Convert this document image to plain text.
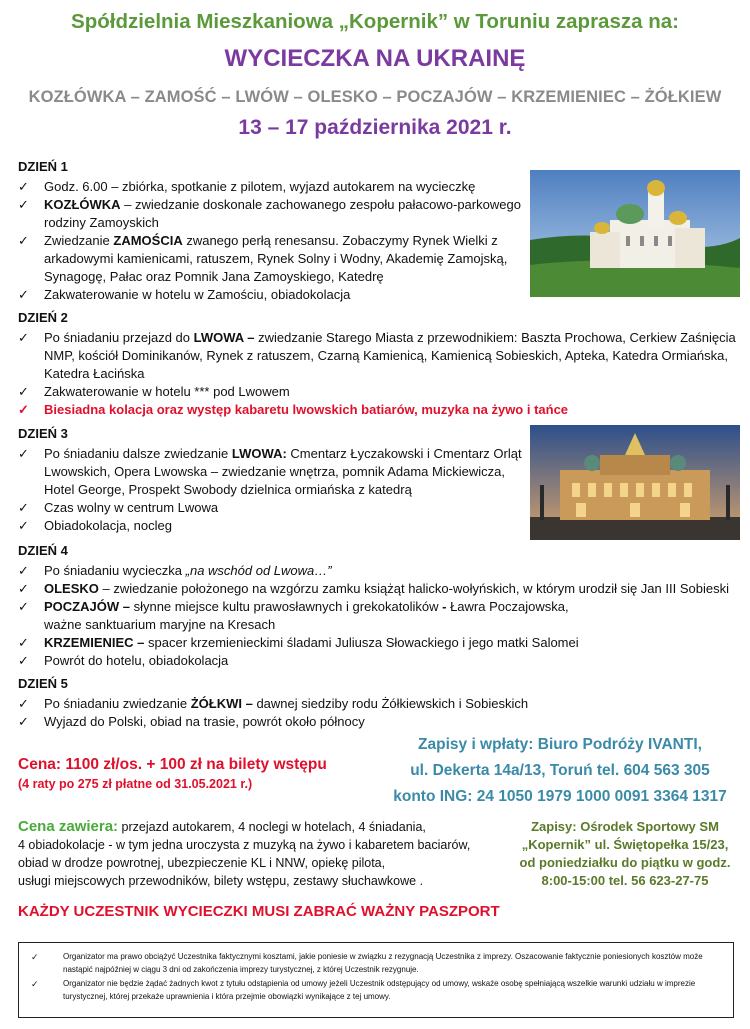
Spółdzielnia Mieszkaniowa „Kopernik” w Toruniu zaprasza na:
WYCIECZKA NA UKRAINĘ
KOZŁÓWKA – ZAMOŚĆ – LWÓW – OLESKO – POCZAJÓW – KRZEMIENIEC – ŻÓŁKIEW
13 – 17 października 2021 r.
DZIEŃ 1
✓ Godz. 6.00 – zbiórka, spotkanie z pilotem, wyjazd autokarem na wycieczkę
✓ KOZŁÓWKA – zwiedzanie doskonale zachowanego zespołu pałacowo-parkowego rodziny Zamoyskich
✓ Zwiedzanie ZAMOŚCIA zwanego perłą renesansu. Zobaczymy Rynek Wielki z arkadowymi kamienicami, ratuszem, Rynek Solny i Wodny, Akademię Zamojską, Synagogę, Pałac oraz Pomnik Jana Zamoyskiego, Katedrę
✓ Zakwaterowanie w hotelu w Zamościu, obiadokolacja
DZIEŃ 2
✓ Po śniadaniu przejazd do LWOWA – zwiedzanie Starego Miasta z przewodnikiem: Baszta Prochowa, Cerkiew Zaśnięcia NMP, kościół Dominikanów, Rynek z ratuszem, Czarną Kamienicą, Kamienicą Sobieskich, Apteka, Katedra Ormiańska, Katedra Łacińska
✓ Zakwaterowanie w hotelu *** pod Lwowem
✓ Biesiadna kolacja oraz występ kabaretu lwowskich batiarów, muzyka na żywo i tańce
DZIEŃ 3
✓ Po śniadaniu dalsze zwiedzanie LWOWA: Cmentarz Łyczakowski i Cmentarz Orląt Lwowskich, Opera Lwowska – zwiedzanie wnętrza, pomnik Adama Mickiewicza, Hotel George, Prospekt Swobody dzielnica ormiańska z katedrą
✓ Czas wolny w centrum Lwowa
✓ Obiadokolacja, nocleg
DZIEŃ 4
✓ Po śniadaniu wycieczka „na wschód od Lwowa…”
✓ OLESKO – zwiedzanie położonego na wzgórzu zamku książąt halicko-wołyńskich, w którym urodził się Jan III Sobieski
✓ POCZAJÓW – słynne miejsce kultu prawosławnych i grekokatolików - Ławra Poczajowska,
ważne sanktuarium maryjne na Kresach
✓ KRZEMIENIEC – spacer krzemienieckimi śladami Juliusza Słowackiego i jego matki Salomei
✓ Powrót do hotelu, obiadokolacja
DZIEŃ 5
✓ Po śniadaniu zwiedzanie ŻÓŁKWI – dawnej siedziby rodu Żółkiewskich i Sobieskich
✓ Wyjazd do Polski, obiad na trasie, powrót około północy
Cena: 1100 zł/os. + 100 zł na bilety wstępu
(4 raty po 275 zł płatne od 31.05.2021 r.)
Zapisy i wpłaty: Biuro Podróży IVANTI,
ul. Dekerta 14a/13, Toruń tel. 604 563 305
konto ING: 24 1050 1979 1000 0091 3364 1317
Cena zawiera: przejazd autokarem, 4 noclegi w hotelach, 4 śniadania,
4 obiadokolacje - w tym jedna uroczysta z muzyką na żywo i kabaretem baciarów,
obiad w drodze powrotnej, ubezpieczenie KL i NNW, opiekę pilota,
usługi miejscowych przewodników, bilety wstępu, zestawy słuchawkowe .
Zapisy: Ośrodek Sportowy SM
„Kopernik” ul. Świętopełka 15/23,
od poniedziałku do piątku w godz.
8:00-15:00 tel. 56 623-27-75
KAŻDY UCZESTNIK WYCIECZKI MUSI ZABRAĆ WAŻNY PASZPORT
✓	Organizator ma prawo obciążyć Uczestnika faktycznymi kosztami, jakie poniesie w związku z rezygnacją Uczestnika z imprezy. Oszacowanie faktycznie poniesionych kosztów może nastąpić najpóźniej w ciągu 3 dni od zakończenia imprezy turystycznej, z której Uczestnik rezygnuje.
✓	Organizator nie będzie żądać żadnych kwot z tytułu odstąpienia od umowy jeżeli Uczestnik odstępujący od umowy, wskaże osobę spełniającą wszelkie warunki udziału w imprezie turystycznej, której przekaże uprawnienia i która przejmie obowiązki wynikające z tej umowy.
